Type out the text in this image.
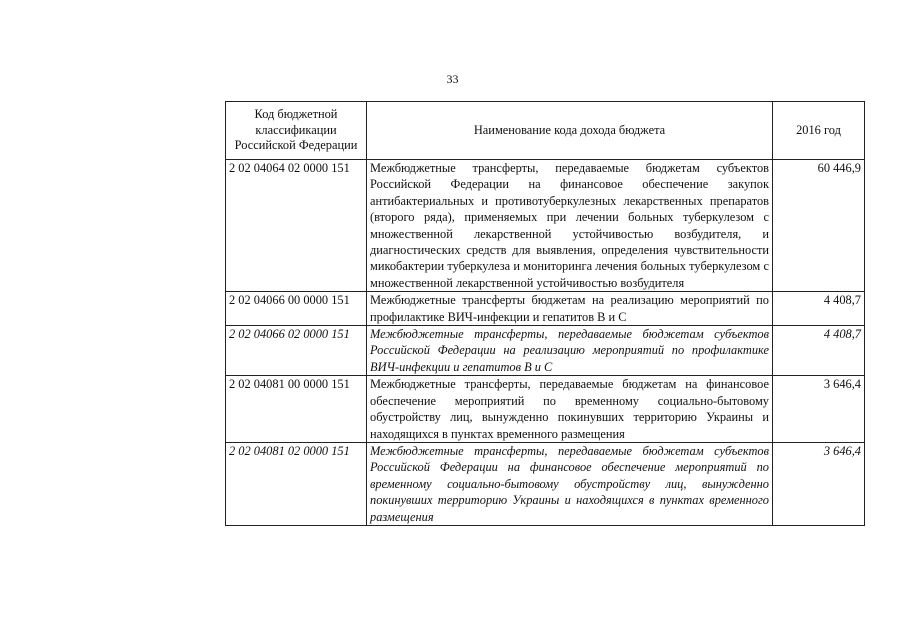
33
Код бюджетной классификации Российской Федерации	Наименование кода дохода бюджета	2016 год
2 02 04064 02 0000 151	Межбюджетные трансферты, передаваемые бюджетам субъектов Российской Федерации на финансовое обеспечение закупок антибактериальных и противотуберкулезных лекарственных препаратов (второго ряда), применяемых при лечении больных туберкулезом с множественной лекарственной устойчивостью возбудителя, и диагностических средств для выявления, определения чувствительности микобактерии туберкулеза и мониторинга лечения больных туберкулезом с множественной лекарственной устойчивостью возбудителя	60 446,9
2 02 04066 00 0000 151	Межбюджетные трансферты бюджетам на реализацию мероприятий по профилактике ВИЧ-инфекции и гепатитов В и С	4 408,7
2 02 04066 02 0000 151	Межбюджетные трансферты, передаваемые бюджетам субъектов Российской Федерации на реализацию мероприятий по профилактике ВИЧ-инфекции и гепатитов В и С	4 408,7
2 02 04081 00 0000 151	Межбюджетные трансферты, передаваемые бюджетам на финансовое обеспечение мероприятий по временному социально-бытовому обустройству лиц, вынужденно покинувших территорию Украины и находящихся в пунктах временного размещения	3 646,4
2 02 04081 02 0000 151	Межбюджетные трансферты, передаваемые бюджетам субъектов Российской Федерации на финансовое обеспечение мероприятий по временному социально-бытовому обустройству лиц, вынужденно покинувших территорию Украины и находящихся в пунктах временного размещения	3 646,4
